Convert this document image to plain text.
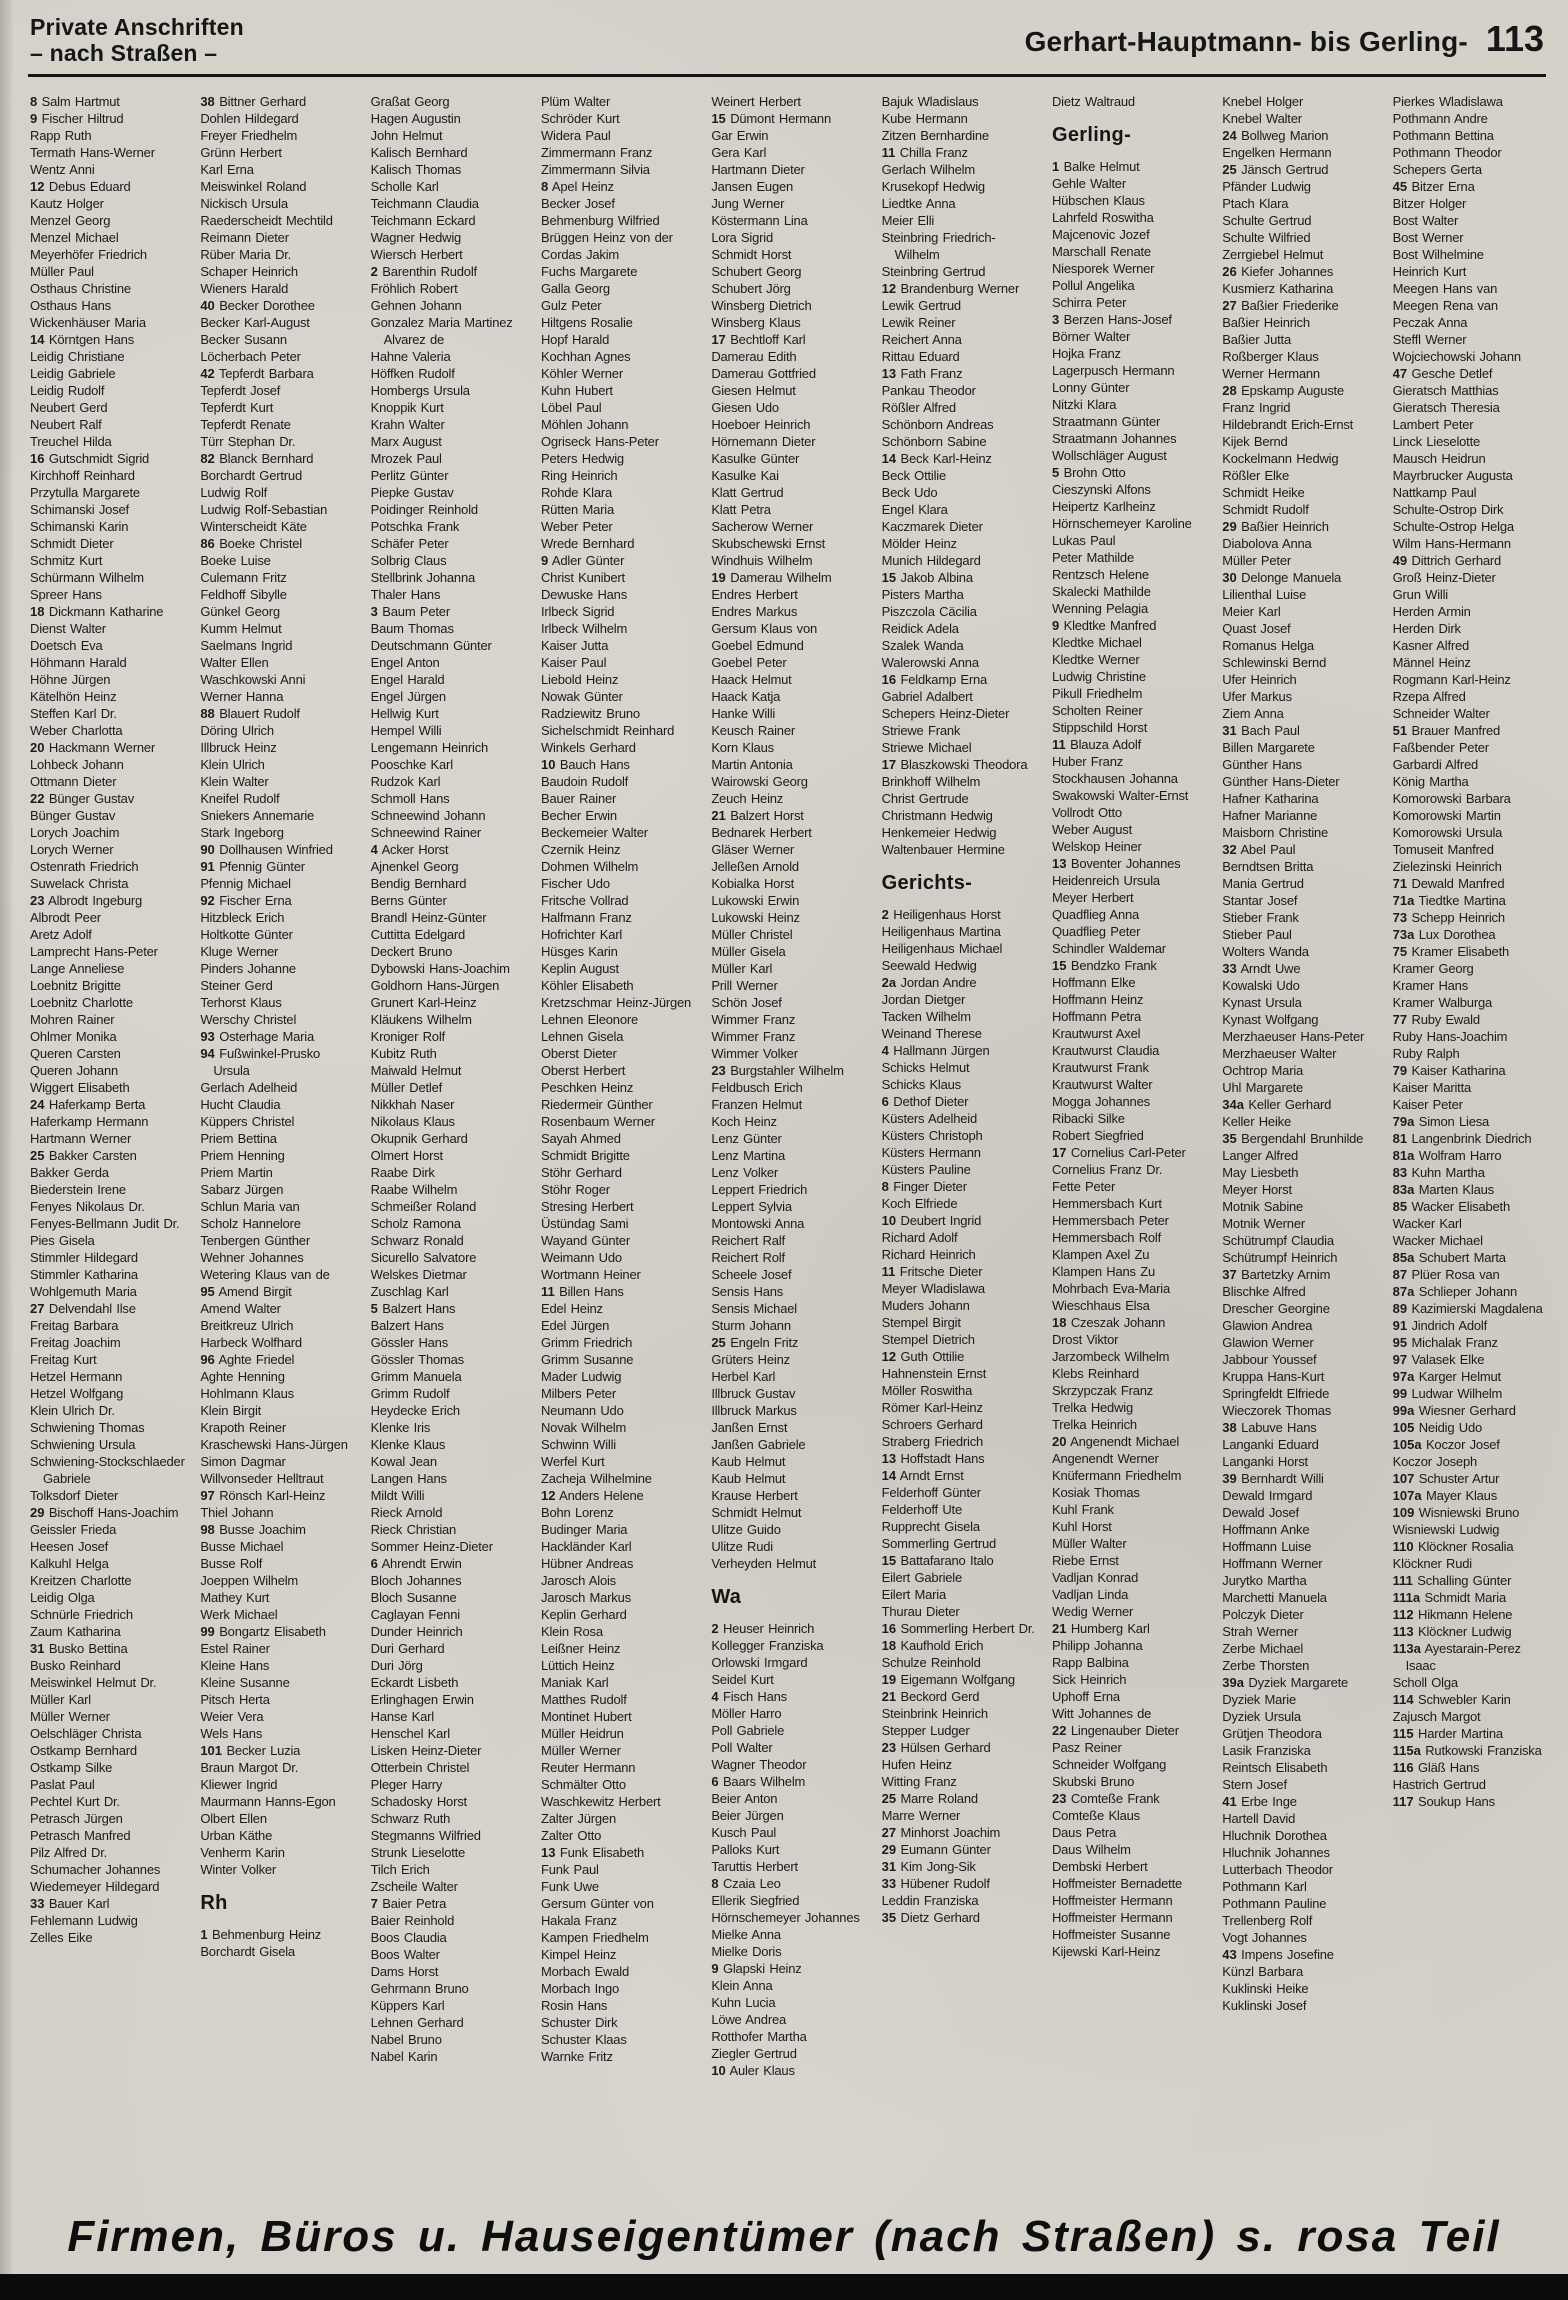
Private Anschriften
– nach Straßen –	Gerhart-Hauptmann- bis Gerling- 113
8 Salm Hartmut
9 Fischer Hiltrud
Rapp Ruth
Termath Hans-Werner
Wentz Anni
12 Debus Eduard
Kautz Holger
Menzel Georg
Menzel Michael
Meyerhöfer Friedrich
Müller Paul
Osthaus Christine
Osthaus Hans
Wickenhäuser Maria
14 Körntgen Hans
Leidig Christiane
Leidig Gabriele
Leidig Rudolf
Neubert Gerd
Neubert Ralf
Treuchel Hilda
16 Gutschmidt Sigrid
Kirchhoff Reinhard
Przytulla Margarete
Schimanski Josef
Schimanski Karin
Schmidt Dieter
Schmitz Kurt
Schürmann Wilhelm
Spreer Hans
18 Dickmann Katharine
Dienst Walter
Doetsch Eva
Höhmann Harald
Höhne Jürgen
Kätelhön Heinz
Steffen Karl Dr.
Weber Charlotta
20 Hackmann Werner
Lohbeck Johann
Ottmann Dieter
22 Bünger Gustav
Bünger Gustav
Lorych Joachim
Lorych Werner
Ostenrath Friedrich
Suwelack Christa
23 Albrodt Ingeburg
Albrodt Peer
Aretz Adolf
Lamprecht Hans-Peter
Lange Anneliese
Loebnitz Brigitte
Loebnitz Charlotte
Mohren Rainer
Ohlmer Monika
Queren Carsten
Queren Johann
Wiggert Elisabeth
24 Haferkamp Berta
Haferkamp Hermann
Hartmann Werner
25 Bakker Carsten
Bakker Gerda
Biederstein Irene
Fenyes Nikolaus Dr.
Fenyes-Bellmann Judit Dr.
Pies Gisela
Stimmler Hildegard
Stimmler Katharina
Wohlgemuth Maria
27 Delvendahl Ilse
Freitag Barbara
Freitag Joachim
Freitag Kurt
Hetzel Hermann
Hetzel Wolfgang
Klein Ulrich Dr.
Schwiening Thomas
Schwiening Ursula
Schwiening-Stockschlaeder Gabriele
Tolksdorf Dieter
29 Bischoff Hans-Joachim
Geissler Frieda
Heesen Josef
Kalkuhl Helga
Kreitzen Charlotte
Leidig Olga
Schnürle Friedrich
Zaum Katharina
31 Busko Bettina
Busko Reinhard
Meiswinkel Helmut Dr.
Müller Karl
Müller Werner
Oelschläger Christa
Ostkamp Bernhard
Ostkamp Silke
Paslat Paul
Pechtel Kurt Dr.
Petrasch Jürgen
Petrasch Manfred
Pilz Alfred Dr.
Schumacher Johannes
Wiedemeyer Hildegard
33 Bauer Karl
Fehlemann Ludwig
Zelles Eike
38 Bittner Gerhard
Dohlen Hildegard
Freyer Friedhelm
Grünn Herbert
Karl Erna
Meiswinkel Roland
Nickisch Ursula
Raederscheidt Mechtild
Reimann Dieter
Rüber Maria Dr.
Schaper Heinrich
Wieners Harald
40 Becker Dorothee
Becker Karl-August
Becker Susann
Löcherbach Peter
42 Tepferdt Barbara
Tepferdt Josef
Tepferdt Kurt
Tepferdt Renate
Türr Stephan Dr.
82 Blanck Bernhard
Borchardt Gertrud
Ludwig Rolf
Ludwig Rolf-Sebastian
Winterscheidt Käte
86 Boeke Christel
Boeke Luise
Culemann Fritz
Feldhoff Sibylle
Günkel Georg
Kumm Helmut
Saelmans Ingrid
Walter Ellen
Waschkowski Anni
Werner Hanna
88 Blauert Rudolf
Döring Ulrich
Illbruck Heinz
Klein Ulrich
Klein Walter
Kneifel Rudolf
Sniekers Annemarie
Stark Ingeborg
90 Dollhausen Winfried
91 Pfennig Günter
Pfennig Michael
92 Fischer Erna
Hitzbleck Erich
Holtkotte Günter
Kluge Werner
Pinders Johanne
Steiner Gerd
Terhorst Klaus
Werschy Christel
93 Osterhage Maria
94 Fußwinkel-Prusko Ursula
Gerlach Adelheid
Hucht Claudia
Küppers Christel
Priem Bettina
Priem Henning
Priem Martin
Sabarz Jürgen
Schlun Maria van
Scholz Hannelore
Tenbergen Günther
Wehner Johannes
Wetering Klaus van de
95 Amend Birgit
Amend Walter
Breitkreuz Ulrich
Harbeck Wolfhard
96 Aghte Friedel
Aghte Henning
Hohlmann Klaus
Klein Birgit
Krapoth Reiner
Kraschewski Hans-Jürgen
Simon Dagmar
Willvonseder Helltraut
97 Rönsch Karl-Heinz
Thiel Johann
98 Busse Joachim
Busse Michael
Busse Rolf
Joeppen Wilhelm
Mathey Kurt
Werk Michael
99 Bongartz Elisabeth
Estel Rainer
Kleine Hans
Kleine Susanne
Pitsch Herta
Weier Vera
Wels Hans
101 Becker Luzia
Braun Margot Dr.
Kliewer Ingrid
Maurmann Hanns-Egon
Olbert Ellen
Urban Käthe
Venherm Karin
Winter Volker
Rh
1 Behmenburg Heinz
Borchardt Gisela
Graßat Georg
Hagen Augustin
John Helmut
Kalisch Bernhard
Kalisch Thomas
Scholle Karl
Teichmann Claudia
Teichmann Eckard
Wagner Hedwig
Wiersch Herbert
2 Barenthin Rudolf
Fröhlich Robert
Gehnen Johann
Gonzalez Maria Martinez Alvarez de
Hahne Valeria
Höffken Rudolf
Hombergs Ursula
Knoppik Kurt
Krahn Walter
Marx August
Mrozek Paul
Perlitz Günter
Piepke Gustav
Poidinger Reinhold
Potschka Frank
Schäfer Peter
Solbrig Claus
Stellbrink Johanna
Thaler Hans
3 Baum Peter
Baum Thomas
Deutschmann Günter
Engel Anton
Engel Harald
Engel Jürgen
Hellwig Kurt
Hempel Willi
Lengemann Heinrich
Pooschke Karl
Rudzok Karl
Schmoll Hans
Schneewind Johann
Schneewind Rainer
4 Acker Horst
Ajnenkel Georg
Bendig Bernhard
Berns Günter
Brandl Heinz-Günter
Cuttitta Edelgard
Deckert Bruno
Dybowski Hans-Joachim
Goldhorn Hans-Jürgen
Grunert Karl-Heinz
Kläukens Wilhelm
Kroniger Rolf
Kubitz Ruth
Maiwald Helmut
Müller Detlef
Nikkhah Naser
Nikolaus Klaus
Okupnik Gerhard
Olmert Horst
Raabe Dirk
Raabe Wilhelm
Schmeißer Roland
Scholz Ramona
Schwarz Ronald
Sicurello Salvatore
Welskes Dietmar
Zuschlag Karl
5 Balzert Hans
Balzert Hans
Gössler Hans
Gössler Thomas
Grimm Manuela
Grimm Rudolf
Heydecke Erich
Klenke Iris
Klenke Klaus
Kowal Jean
Langen Hans
Mildt Willi
Rieck Arnold
Rieck Christian
Sommer Heinz-Dieter
6 Ahrendt Erwin
Bloch Johannes
Bloch Susanne
Caglayan Fenni
Dunder Heinrich
Duri Gerhard
Duri Jörg
Eckardt Lisbeth
Erlinghagen Erwin
Hanse Karl
Henschel Karl
Lisken Heinz-Dieter
Otterbein Christel
Pleger Harry
Schadosky Horst
Schwarz Ruth
Stegmanns Wilfried
Strunk Lieselotte
Tilch Erich
Zscheile Walter
7 Baier Petra
Baier Reinhold
Boos Claudia
Boos Walter
Dams Horst
Gehrmann Bruno
Küppers Karl
Lehnen Gerhard
Nabel Bruno
Nabel Karin
Plüm Walter
Schröder Kurt
Widera Paul
Zimmermann Franz
Zimmermann Silvia
8 Apel Heinz
Becker Josef
Behmenburg Wilfried
Brüggen Heinz von der
Cordas Jakim
Fuchs Margarete
Galla Georg
Gulz Peter
Hiltgens Rosalie
Hopf Harald
Kochhan Agnes
Köhler Werner
Kuhn Hubert
Löbel Paul
Möhlen Johann
Ogriseck Hans-Peter
Peters Hedwig
Ring Heinrich
Rohde Klara
Rütten Maria
Weber Peter
Wrede Bernhard
9 Adler Günter
Christ Kunibert
Dewuske Hans
Irlbeck Sigrid
Irlbeck Wilhelm
Kaiser Jutta
Kaiser Paul
Liebold Heinz
Nowak Günter
Radziewitz Bruno
Sichelschmidt Reinhard
Winkels Gerhard
10 Bauch Hans
Baudoin Rudolf
Bauer Rainer
Becher Erwin
Beckemeier Walter
Czernik Heinz
Dohmen Wilhelm
Fischer Udo
Fritsche Vollrad
Halfmann Franz
Hofrichter Karl
Hüsges Karin
Keplin August
Köhler Elisabeth
Kretzschmar Heinz-Jürgen
Lehnen Eleonore
Lehnen Gisela
Oberst Dieter
Oberst Herbert
Peschken Heinz
Riedermeir Günther
Rosenbaum Werner
Sayah Ahmed
Schmidt Brigitte
Stöhr Gerhard
Stöhr Roger
Stresing Herbert
Üstündag Sami
Wayand Günter
Weimann Udo
Wortmann Heiner
11 Billen Hans
Edel Heinz
Edel Jürgen
Grimm Friedrich
Grimm Susanne
Mader Ludwig
Milbers Peter
Neumann Udo
Novak Wilhelm
Schwinn Willi
Werfel Kurt
Zacheja Wilhelmine
12 Anders Helene
Bohn Lorenz
Budinger Maria
Hackländer Karl
Hübner Andreas
Jarosch Alois
Jarosch Markus
Keplin Gerhard
Klein Rosa
Leißner Heinz
Lüttich Heinz
Maniak Karl
Matthes Rudolf
Montinet Hubert
Müller Heidrun
Müller Werner
Reuter Hermann
Schmälter Otto
Waschkewitz Herbert
Zalter Jürgen
Zalter Otto
13 Funk Elisabeth
Funk Paul
Funk Uwe
Gersum Günter von
Hakala Franz
Kampen Friedhelm
Kimpel Heinz
Morbach Ewald
Morbach Ingo
Rosin Hans
Schuster Dirk
Schuster Klaas
Warnke Fritz
Weinert Herbert
15 Dümont Hermann
Gar Erwin
Gera Karl
Hartmann Dieter
Jansen Eugen
Jung Werner
Köstermann Lina
Lora Sigrid
Schmidt Horst
Schubert Georg
Schubert Jörg
Winsberg Dietrich
Winsberg Klaus
17 Bechtloff Karl
Damerau Edith
Damerau Gottfried
Giesen Helmut
Giesen Udo
Hoeboer Heinrich
Hörnemann Dieter
Kasulke Günter
Kasulke Kai
Klatt Gertrud
Klatt Petra
Sacherow Werner
Skubschewski Ernst
Windhuis Wilhelm
19 Damerau Wilhelm
Endres Herbert
Endres Markus
Gersum Klaus von
Goebel Edmund
Goebel Peter
Haack Helmut
Haack Katja
Hanke Willi
Keusch Rainer
Korn Klaus
Martin Antonia
Wairowski Georg
Zeuch Heinz
21 Balzert Horst
Bednarek Herbert
Gläser Werner
Jelleßen Arnold
Kobialka Horst
Lukowski Erwin
Lukowski Heinz
Müller Christel
Müller Gisela
Müller Karl
Prill Werner
Schön Josef
Wimmer Franz
Wimmer Franz
Wimmer Volker
23 Burgstahler Wilhelm
Feldbusch Erich
Franzen Helmut
Koch Heinz
Lenz Günter
Lenz Martina
Lenz Volker
Leppert Friedrich
Leppert Sylvia
Montowski Anna
Reichert Ralf
Reichert Rolf
Scheele Josef
Sensis Hans
Sensis Michael
Sturm Johann
25 Engeln Fritz
Grüters Heinz
Herbel Karl
Illbruck Gustav
Illbruck Markus
Janßen Ernst
Janßen Gabriele
Kaub Helmut
Kaub Helmut
Krause Herbert
Schmidt Helmut
Ulitze Guido
Ulitze Rudi
Verheyden Helmut
Wa
2 Heuser Heinrich
Kollegger Franziska
Orlowski Irmgard
Seidel Kurt
4 Fisch Hans
Möller Harro
Poll Gabriele
Poll Walter
Wagner Theodor
6 Baars Wilhelm
Beier Anton
Beier Jürgen
Kusch Paul
Palloks Kurt
Taruttis Herbert
8 Czaia Leo
Ellerik Siegfried
Hörnschemeyer Johannes
Mielke Anna
Mielke Doris
9 Glapski Heinz
Klein Anna
Kuhn Lucia
Löwe Andrea
Rotthofer Martha
Ziegler Gertrud
10 Auler Klaus
Bajuk Wladislaus
Kube Hermann
Zitzen Bernhardine
11 Chilla Franz
Gerlach Wilhelm
Krusekopf Hedwig
Liedtke Anna
Meier Elli
Steinbring Friedrich-Wilhelm
Steinbring Gertrud
12 Brandenburg Werner
Lewik Gertrud
Lewik Reiner
Reichert Anna
Rittau Eduard
13 Fath Franz
Pankau Theodor
Rößler Alfred
Schönborn Andreas
Schönborn Sabine
14 Beck Karl-Heinz
Beck Ottilie
Beck Udo
Engel Klara
Kaczmarek Dieter
Mölder Heinz
Munich Hildegard
15 Jakob Albina
Pisters Martha
Piszczola Cäcilia
Reidick Adela
Szalek Wanda
Walerowski Anna
16 Feldkamp Erna
Gabriel Adalbert
Schepers Heinz-Dieter
Striewe Frank
Striewe Michael
17 Blaszkowski Theodora
Brinkhoff Wilhelm
Christ Gertrude
Christmann Hedwig
Henkemeier Hedwig
Waltenbauer Hermine
Gerichts-
2 Heiligenhaus Horst
Heiligenhaus Martina
Heiligenhaus Michael
Seewald Hedwig
2a Jordan Andre
Jordan Dietger
Tacken Wilhelm
Weinand Therese
4 Hallmann Jürgen
Schicks Helmut
Schicks Klaus
6 Dethof Dieter
Küsters Adelheid
Küsters Christoph
Küsters Hermann
Küsters Pauline
8 Finger Dieter
Koch Elfriede
10 Deubert Ingrid
Richard Adolf
Richard Heinrich
11 Fritsche Dieter
Meyer Wladislawa
Muders Johann
Stempel Birgit
Stempel Dietrich
12 Guth Ottilie
Hahnenstein Ernst
Möller Roswitha
Römer Karl-Heinz
Schroers Gerhard
Straberg Friedrich
13 Hoffstadt Hans
14 Arndt Ernst
Felderhoff Günter
Felderhoff Ute
Rupprecht Gisela
Sommerling Gertrud
15 Battafarano Italo
Eilert Gabriele
Eilert Maria
Thurau Dieter
16 Sommerling Herbert Dr.
18 Kaufhold Erich
Schulze Reinhold
19 Eigemann Wolfgang
21 Beckord Gerd
Steinbrink Heinrich
Stepper Ludger
23 Hülsen Gerhard
Hufen Heinz
Witting Franz
25 Marre Roland
Marre Werner
27 Minhorst Joachim
29 Eumann Günter
31 Kim Jong-Sik
33 Hübener Rudolf
Leddin Franziska
35 Dietz Gerhard
Dietz Waltraud
Gerling-
1 Balke Helmut
Gehle Walter
Hübschen Klaus
Lahrfeld Roswitha
Majcenovic Jozef
Marschall Renate
Niesporek Werner
Pollul Angelika
Schirra Peter
3 Berzen Hans-Josef
Börner Walter
Hojka Franz
Lagerpusch Hermann
Lonny Günter
Nitzki Klara
Straatmann Günter
Straatmann Johannes
Wollschläger August
5 Brohn Otto
Cieszynski Alfons
Heipertz Karlheinz
Hörnschemeyer Karoline
Lukas Paul
Peter Mathilde
Rentzsch Helene
Skalecki Mathilde
Wenning Pelagia
9 Kledtke Manfred
Kledtke Michael
Kledtke Werner
Ludwig Christine
Pikull Friedhelm
Scholten Reiner
Stippschild Horst
11 Blauza Adolf
Huber Franz
Stockhausen Johanna
Swakowski Walter-Ernst
Vollrodt Otto
Weber August
Welskop Heiner
13 Boventer Johannes
Heidenreich Ursula
Meyer Herbert
Quadflieg Anna
Quadflieg Peter
Schindler Waldemar
15 Bendzko Frank
Hoffmann Elke
Hoffmann Heinz
Hoffmann Petra
Krautwurst Axel
Krautwurst Claudia
Krautwurst Frank
Krautwurst Walter
Mogga Johannes
Ribacki Silke
Robert Siegfried
17 Cornelius Carl-Peter
Cornelius Franz Dr.
Fette Peter
Hemmersbach Kurt
Hemmersbach Peter
Hemmersbach Rolf
Klampen Axel Zu
Klampen Hans Zu
Mohrbach Eva-Maria
Wieschhaus Elsa
18 Czeszak Johann
Drost Viktor
Jarzombeck Wilhelm
Klebs Reinhard
Skrzypczak Franz
Trelka Hedwig
Trelka Heinrich
20 Angenendt Michael
Angenendt Werner
Knüfermann Friedhelm
Kosiak Thomas
Kuhl Frank
Kuhl Horst
Müller Walter
Riebe Ernst
Vadljan Konrad
Vadljan Linda
Wedig Werner
21 Humberg Karl
Philipp Johanna
Rapp Balbina
Sick Heinrich
Uphoff Erna
Witt Johannes de
22 Lingenauber Dieter
Pasz Reiner
Schneider Wolfgang
Skubski Bruno
23 Comteße Frank
Comteße Klaus
Daus Petra
Daus Wilhelm
Dembski Herbert
Hoffmeister Bernadette
Hoffmeister Hermann
Hoffmeister Hermann
Hoffmeister Susanne
Kijewski Karl-Heinz
Knebel Holger
Knebel Walter
24 Bollweg Marion
Engelken Hermann
25 Jänsch Gertrud
Pfänder Ludwig
Ptach Klara
Schulte Gertrud
Schulte Wilfried
Zerrgiebel Helmut
26 Kiefer Johannes
Kusmierz Katharina
27 Baßier Friederike
Baßier Heinrich
Baßier Jutta
Roßberger Klaus
Werner Hermann
28 Epskamp Auguste
Franz Ingrid
Hildebrandt Erich-Ernst
Kijek Bernd
Kockelmann Hedwig
Rößler Elke
Schmidt Heike
Schmidt Rudolf
29 Baßier Heinrich
Diabolova Anna
Müller Peter
30 Delonge Manuela
Lilienthal Luise
Meier Karl
Quast Josef
Romanus Helga
Schlewinski Bernd
Ufer Heinrich
Ufer Markus
Ziem Anna
31 Bach Paul
Billen Margarete
Günther Hans
Günther Hans-Dieter
Hafner Katharina
Hafner Marianne
Maisborn Christine
32 Abel Paul
Berndtsen Britta
Mania Gertrud
Stantar Josef
Stieber Frank
Stieber Paul
Wolters Wanda
33 Arndt Uwe
Kowalski Udo
Kynast Ursula
Kynast Wolfgang
Merzhaeuser Hans-Peter
Merzhaeuser Walter
Ochtrop Maria
Uhl Margarete
34a Keller Gerhard
Keller Heike
35 Bergendahl Brunhilde
Langer Alfred
May Liesbeth
Meyer Horst
Motnik Sabine
Motnik Werner
Schütrumpf Claudia
Schütrumpf Heinrich
37 Bartetzky Arnim
Blischke Alfred
Drescher Georgine
Glawion Andrea
Glawion Werner
Jabbour Youssef
Kruppa Hans-Kurt
Springfeldt Elfriede
Wieczorek Thomas
38 Labuve Hans
Langanki Eduard
Langanki Horst
39 Bernhardt Willi
Dewald Irmgard
Dewald Josef
Hoffmann Anke
Hoffmann Luise
Hoffmann Werner
Jurytko Martha
Marchetti Manuela
Polczyk Dieter
Strah Werner
Zerbe Michael
Zerbe Thorsten
39a Dyziek Margarete
Dyziek Marie
Dyziek Ursula
Grütjen Theodora
Lasik Franziska
Reintsch Elisabeth
Stern Josef
41 Erbe Inge
Hartell David
Hluchnik Dorothea
Hluchnik Johannes
Lutterbach Theodor
Pothmann Karl
Pothmann Pauline
Trellenberg Rolf
Vogt Johannes
43 Impens Josefine
Künzl Barbara
Kuklinski Heike
Kuklinski Josef
Pierkes Wladislawa
Pothmann Andre
Pothmann Bettina
Pothmann Theodor
Schepers Gerta
45 Bitzer Erna
Bitzer Holger
Bost Walter
Bost Werner
Bost Wilhelmine
Heinrich Kurt
Meegen Hans van
Meegen Rena van
Peczak Anna
Steffl Werner
Wojciechowski Johann
47 Gesche Detlef
Gieratsch Matthias
Gieratsch Theresia
Lambert Peter
Linck Lieselotte
Mausch Heidrun
Mayrbrucker Augusta
Nattkamp Paul
Schulte-Ostrop Dirk
Schulte-Ostrop Helga
Wilm Hans-Hermann
49 Dittrich Gerhard
Groß Heinz-Dieter
Grun Willi
Herden Armin
Herden Dirk
Kasner Alfred
Männel Heinz
Rogmann Karl-Heinz
Rzepa Alfred
Schneider Walter
51 Brauer Manfred
Faßbender Peter
Garbardi Alfred
König Martha
Komorowski Barbara
Komorowski Martin
Komorowski Ursula
Tomuseit Manfred
Zielezinski Heinrich
71 Dewald Manfred
71a Tiedtke Martina
73 Schepp Heinrich
73a Lux Dorothea
75 Kramer Elisabeth
Kramer Georg
Kramer Hans
Kramer Walburga
77 Ruby Ewald
Ruby Hans-Joachim
Ruby Ralph
79 Kaiser Katharina
Kaiser Maritta
Kaiser Peter
79a Simon Liesa
81 Langenbrink Diedrich
81a Wolfram Harro
83 Kuhn Martha
83a Marten Klaus
85 Wacker Elisabeth
Wacker Karl
Wacker Michael
85a Schubert Marta
87 Plüer Rosa van
87a Schlieper Johann
89 Kazimierski Magdalena
91 Jindrich Adolf
95 Michalak Franz
97 Valasek Elke
97a Karger Helmut
99 Ludwar Wilhelm
99a Wiesner Gerhard
105 Neidig Udo
105a Koczor Josef
Koczor Joseph
107 Schuster Artur
107a Mayer Klaus
109 Wisniewski Bruno
Wisniewski Ludwig
110 Klöckner Rosalia
Klöckner Rudi
111 Schalling Günter
111a Schmidt Maria
112 Hikmann Helene
113 Klöckner Ludwig
113a Ayestarain-Perez Isaac
Scholl Olga
114 Schwebler Karin
Zajusch Margot
115 Harder Martina
115a Rutkowski Franziska
116 Gläß Hans
Hastrich Gertrud
117 Soukup Hans
Firmen, Büros u. Hauseigentümer (nach Straßen) s. rosa Teil
